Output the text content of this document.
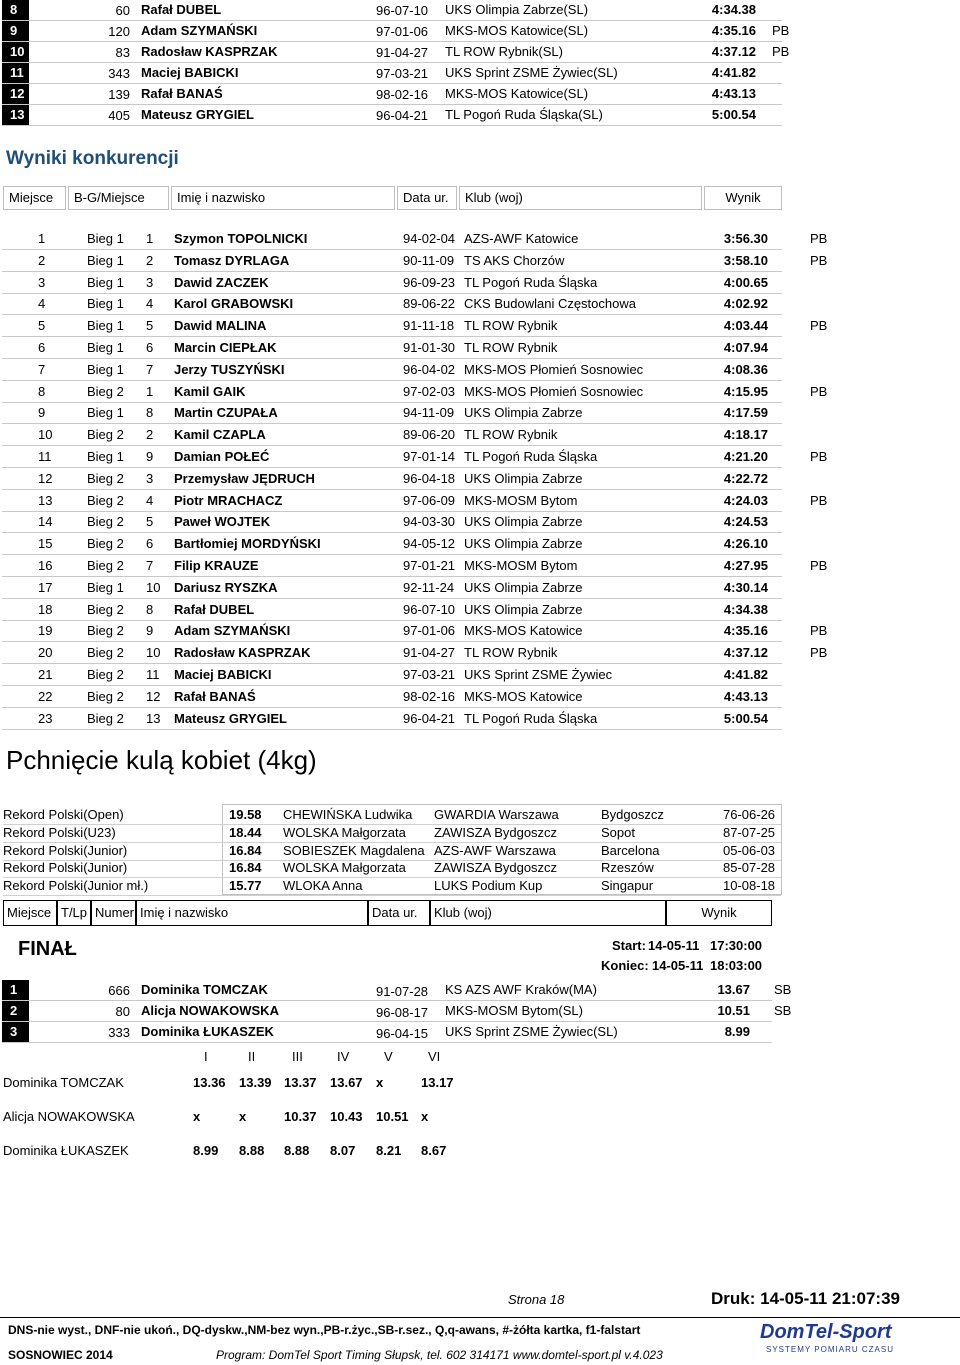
8	60 Rafał DUBEL	96-07-10 UKS Olimpia Zabrze(SL)	4:34.38
9	120 Adam SZYMAŃSKI	97-01-06 MKS-MOS Katowice(SL)	4:35.16 PB
10	83 Radosław KASPRZAK	91-04-27 TL ROW Rybnik(SL)	4:37.12 PB
11	343 Maciej BABICKI	97-03-21 UKS Sprint ZSME Żywiec(SL)	4:41.82
12	139 Rafał BANAŚ	98-02-16 MKS-MOS Katowice(SL)	4:43.13
13	405 Mateusz GRYGIEL	96-04-21 TL Pogoń Ruda Śląska(SL)	5:00.54
Wyniki konkurencji
Miejsce	B-G/Miejsce	Imię i nazwisko	Data ur.	Klub (woj)	Wynik
1	Bieg 1 1 Szymon TOPOLNICKI	94-02-04 AZS-AWF Katowice	3:56.30	PB
2	Bieg 1 2 Tomasz DYRLAGA	90-11-09 TS AKS Chorzów	3:58.10	PB
3	Bieg 1 3 Dawid ZACZEK	96-09-23 TL Pogoń Ruda Śląska	4:00.65
4	Bieg 1 4 Karol GRABOWSKI	89-06-22 CKS Budowlani Częstochowa	4:02.92
5	Bieg 1 5 Dawid MALINA	91-11-18 TL ROW Rybnik	4:03.44	PB
6	Bieg 1 6 Marcin CIEPŁAK	91-01-30 TL ROW Rybnik	4:07.94
7	Bieg 1 7 Jerzy TUSZYŃSKI	96-04-02 MKS-MOS Płomień Sosnowiec	4:08.36
8	Bieg 2 1 Kamil GAIK	97-02-03 MKS-MOS Płomień Sosnowiec	4:15.95	PB
9	Bieg 1 8 Martin CZUPAŁA	94-11-09 UKS Olimpia Zabrze	4:17.59
10	Bieg 2 2 Kamil CZAPLA	89-06-20 TL ROW Rybnik	4:18.17
11	Bieg 1 9 Damian POŁEĆ	97-01-14 TL Pogoń Ruda Śląska	4:21.20	PB
12	Bieg 2 3 Przemysław JĘDRUCH	96-04-18 UKS Olimpia Zabrze	4:22.72
13	Bieg 2 4 Piotr MRACHACZ	97-06-09 MKS-MOSM Bytom	4:24.03	PB
14	Bieg 2 5 Paweł WOJTEK	94-03-30 UKS Olimpia Zabrze	4:24.53
15	Bieg 2 6 Bartłomiej MORDYŃSKI	94-05-12 UKS Olimpia Zabrze	4:26.10
16	Bieg 2 7 Filip KRAUZE	97-01-21 MKS-MOSM Bytom	4:27.95	PB
17	Bieg 1 10 Dariusz RYSZKA	92-11-24 UKS Olimpia Zabrze	4:30.14
18	Bieg 2 8 Rafał DUBEL	96-07-10 UKS Olimpia Zabrze	4:34.38
19	Bieg 2 9 Adam SZYMAŃSKI	97-01-06 MKS-MOS Katowice	4:35.16	PB
20	Bieg 2 10 Radosław KASPRZAK	91-04-27 TL ROW Rybnik	4:37.12	PB
21	Bieg 2 11 Maciej BABICKI	97-03-21 UKS Sprint ZSME Żywiec	4:41.82
22	Bieg 2 12 Rafał BANAŚ	98-02-16 MKS-MOS Katowice	4:43.13
23	Bieg 2 13 Mateusz GRYGIEL	96-04-21 TL Pogoń Ruda Śląska	5:00.54
Pchnięcie kulą kobiet (4kg)
Rekord Polski(Open)	19.58 CHEWIŃSKA Ludwika GWARDIA Warszawa	Bydgoszcz	76-06-26
Rekord Polski(U23)	18.44 WOLSKA Małgorzata ZAWISZA Bydgoszcz	Sopot	87-07-25
Rekord Polski(Junior)	16.84 SOBIESZEK Magdalena AZS-AWF Warszawa	Barcelona	05-06-03
Rekord Polski(Junior)	16.84 WOLSKA Małgorzata ZAWISZA Bydgoszcz	Rzeszów	85-07-28
Rekord Polski(Junior mł.)	15.77 WLOKA Anna	LUKS Podium Kup	Singapur	10-08-18
Miejsce T/Lp Numer Imię i nazwisko	Data ur.	Klub (woj)	Wynik
FINAŁ	Start: 14-05-11 17:30:00
Koniec: 14-05-11 18:03:00
1	666 Dominika TOMCZAK	91-07-28 KS AZS AWF Kraków(MA)	13.67 SB
2	80 Alicja NOWAKOWSKA	96-08-17 MKS-MOSM Bytom(SL)	10.51 SB
3	333 Dominika ŁUKASZEK	96-04-15 UKS Sprint ZSME Żywiec(SL)	8.99
I	II	III	IV	V	VI
Dominika TOMCZAK	13.36 13.39 13.37 13.67 x	13.17
Alicja NOWAKOWSKA	x	x	10.37 10.43 10.51 x
Dominika ŁUKASZEK	8.99 8.88 8.88 8.07 8.21 8.67
Strona 18	Druk: 14-05-11 21:07:39
DNS-nie wyst., DNF-nie ukoń., DQ-dyskw.,NM-bez wyn.,PB-r.życ.,SB-r.sez., Q,q-awans, #-żółta kartka, f1-falstart
SOSNOWIEC 2014	Program: DomTel Sport Timing Słupsk, tel. 602 314171 www.domtel-sport.pl v.4.023
DomTel-Sport
SYSTEMY POMIARU CZASU
